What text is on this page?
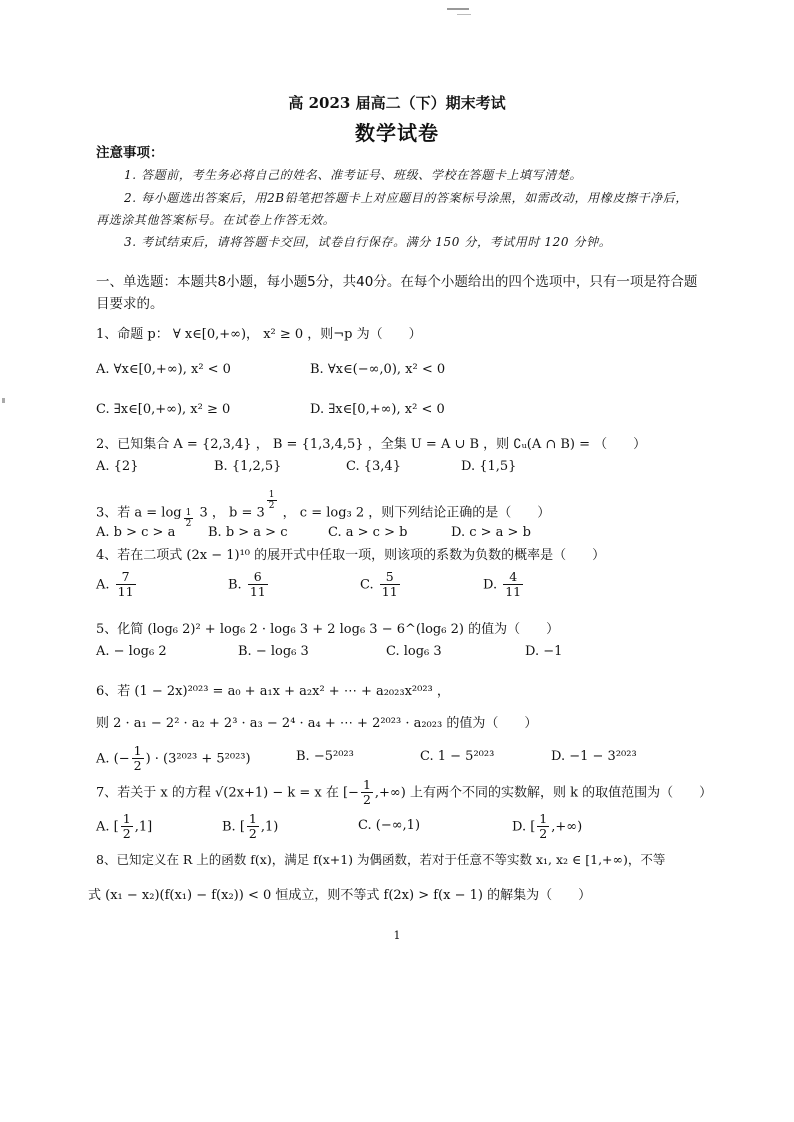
高 2023 届高二（下）期末考试
数学试卷
注意事项：
1. 答题前，考生务必将自己的姓名、准考证号、班级、学校在答题卡上填写清楚。
2. 每小题选出答案后，用2B铅笔把答题卡上对应题目的答案标号涂黑，如需改动，用橡皮擦干净后，
再选涂其他答案标号。在试卷上作答无效。
3. 考试结束后，请将答题卡交回，试卷自行保存。满分 150 分，考试用时 120 分钟。
一、单选题：本题共8小题，每小题5分，共40分。在每个小题给出的四个选项中，只有一项是符合题
目要求的。
1、命题 p： ∀ x∈[0,+∞)， x² ≥ 0 ，则¬p 为（　　）
A. ∀x∈[0,+∞), x² < 0	B. ∀x∈(−∞,0), x² < 0
C. ∃x∈[0,+∞), x² ≥ 0	D. ∃x∈[0,+∞), x² < 0
2、已知集合 A = {2,3,4} ， B = {1,3,4,5} ，全集 U = A ∪ B ，则 ∁ᵤ(A ∩ B) = （　　）
A. {2}	B. {1,2,5}	C. {3,4}	D. {1,5}
3、若 $a = \log \frac{1}{2} 3$ ， b = 3
$\frac{1}{2}$
， c = log₃ 2 ，则下列结论正确的是（　　）
A. b > c > a	B. b > a > c	C. a > c > b	D. c > a > b
4、若在二项式 (2x − 1)¹⁰ 的展开式中任取一项，则该项的系数为负数的概率是（　　）
A. $\frac{7}{11}$	B. $\frac{6}{11}$	C. $\frac{5}{11}$	D. $\frac{4}{11}$
5、化简 (log₆ 2)² + log₆ 2 · log₆ 3 + 2 log₆ 3 − 6^(log₆ 2) 的值为（　　）
A. − log₆ 2	B. − log₆ 3	C. log₆ 3	D. −1
6、若 (1 − 2x)²⁰²³ = a₀ + a₁x + a₂x² + ⋯ + a₂₀₂₃x²⁰²³ ，
则 2 · a₁ − 2² · a₂ + 2³ · a₃ − 2⁴ · a₄ + ⋯ + 2²⁰²³ · a₂₀₂₃ 的值为（　　）
A. (− $\frac{1}{2}$ ) · (3²⁰²³ + 5²⁰²³)	B. −5²⁰²³	C. 1 − 5²⁰²³	D. −1 − 3²⁰²³
7、若关于 x 的方程 √(2x+1) − k = x 在 [− $\frac{1}{2}$ ,+∞) 上有两个不同的实数解，则 k 的取值范围为（　　）
A. [ $\frac{1}{2} ,1$]	B. [ $\frac{1}{2} ,1$)	C. (−∞,1)	D. [ $\frac{1}{2}$ ,+∞)
8、已知定义在 R 上的函数 f(x)，满足 f(x+1) 为偶函数，若对于任意不等实数 x₁, x₂ ∈ [1,+∞)，不等
式 (x₁ − x₂)(f(x₁) − f(x₂)) < 0 恒成立，则不等式 f(2x) > f(x − 1) 的解集为（　　）
1
